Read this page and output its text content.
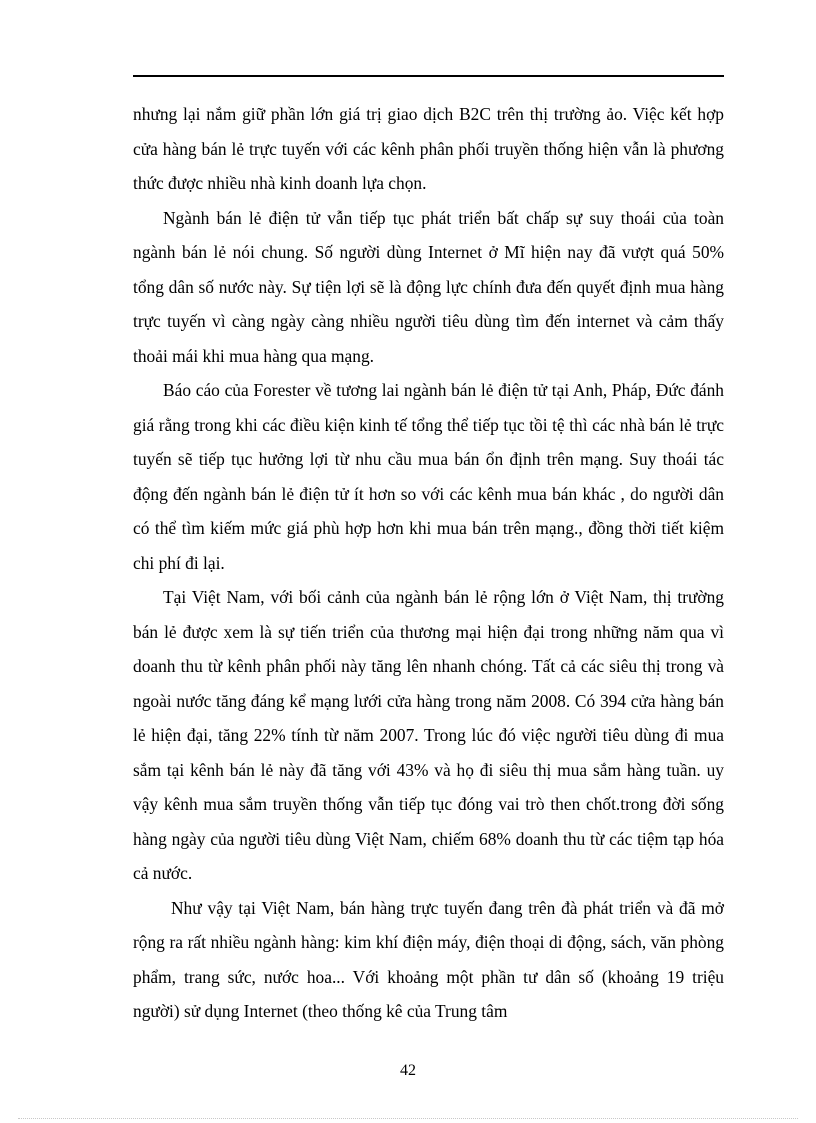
nhưng lại nắm giữ phần lớn giá trị giao dịch B2C trên thị trường ảo. Việc kết hợp cửa hàng bán lẻ trực tuyến với các kênh phân phối truyền thống hiện vẫn là phương thức được nhiều nhà kinh doanh lựa chọn.

Ngành bán lẻ điện tử vẫn tiếp tục phát triển bất chấp sự suy thoái của toàn ngành bán lẻ nói chung. Số người dùng Internet ở Mĩ hiện nay đã vượt quá 50% tổng dân số nước này. Sự tiện lợi sẽ là động lực chính đưa đến quyết định mua hàng trực tuyến vì càng ngày càng nhiều người tiêu dùng tìm đến internet và cảm thấy thoải mái khi mua hàng qua mạng.

Báo cáo của Forester về tương lai ngành bán lẻ điện tử tại Anh, Pháp, Đức đánh giá rằng trong khi các điều kiện kinh tế tổng thể tiếp tục tồi tệ thì các nhà bán lẻ trực tuyến sẽ tiếp tục hưởng lợi từ nhu cầu mua bán ổn định trên mạng. Suy thoái tác động đến ngành bán lẻ điện tử ít hơn so với các kênh mua bán khác , do người dân có thể tìm kiếm mức giá phù hợp hơn khi mua bán trên mạng., đồng thời tiết kiệm chi phí đi lại.

Tại Việt Nam, với bối cảnh của ngành bán lẻ rộng lớn ở Việt Nam, thị trường bán lẻ được xem là sự tiến triển của thương mại hiện đại trong những năm qua vì doanh thu từ kênh phân phối này tăng lên nhanh chóng. Tất cả các siêu thị trong và ngoài nước tăng đáng kể mạng lưới cửa hàng trong năm 2008. Có 394 cửa hàng bán lẻ hiện đại, tăng 22% tính từ năm 2007. Trong lúc đó việc người tiêu dùng đi mua sắm tại kênh bán lẻ này đã tăng với 43% và họ đi siêu thị mua sắm hàng tuần. uy vậy kênh mua sắm truyền thống vẫn tiếp tục đóng vai trò then chốt.trong đời sống hàng ngày của người tiêu dùng Việt Nam, chiếm 68% doanh thu từ các tiệm tạp hóa cả nước.

Như vậy tại Việt Nam, bán hàng trực tuyến đang trên đà phát triển và đã mở rộng ra rất nhiều ngành hàng: kim khí điện máy, điện thoại di động, sách, văn phòng phẩm, trang sức, nước hoa... Với khoảng một phần tư dân số (khoảng 19 triệu người) sử dụng Internet (theo thống kê của Trung tâm

42
